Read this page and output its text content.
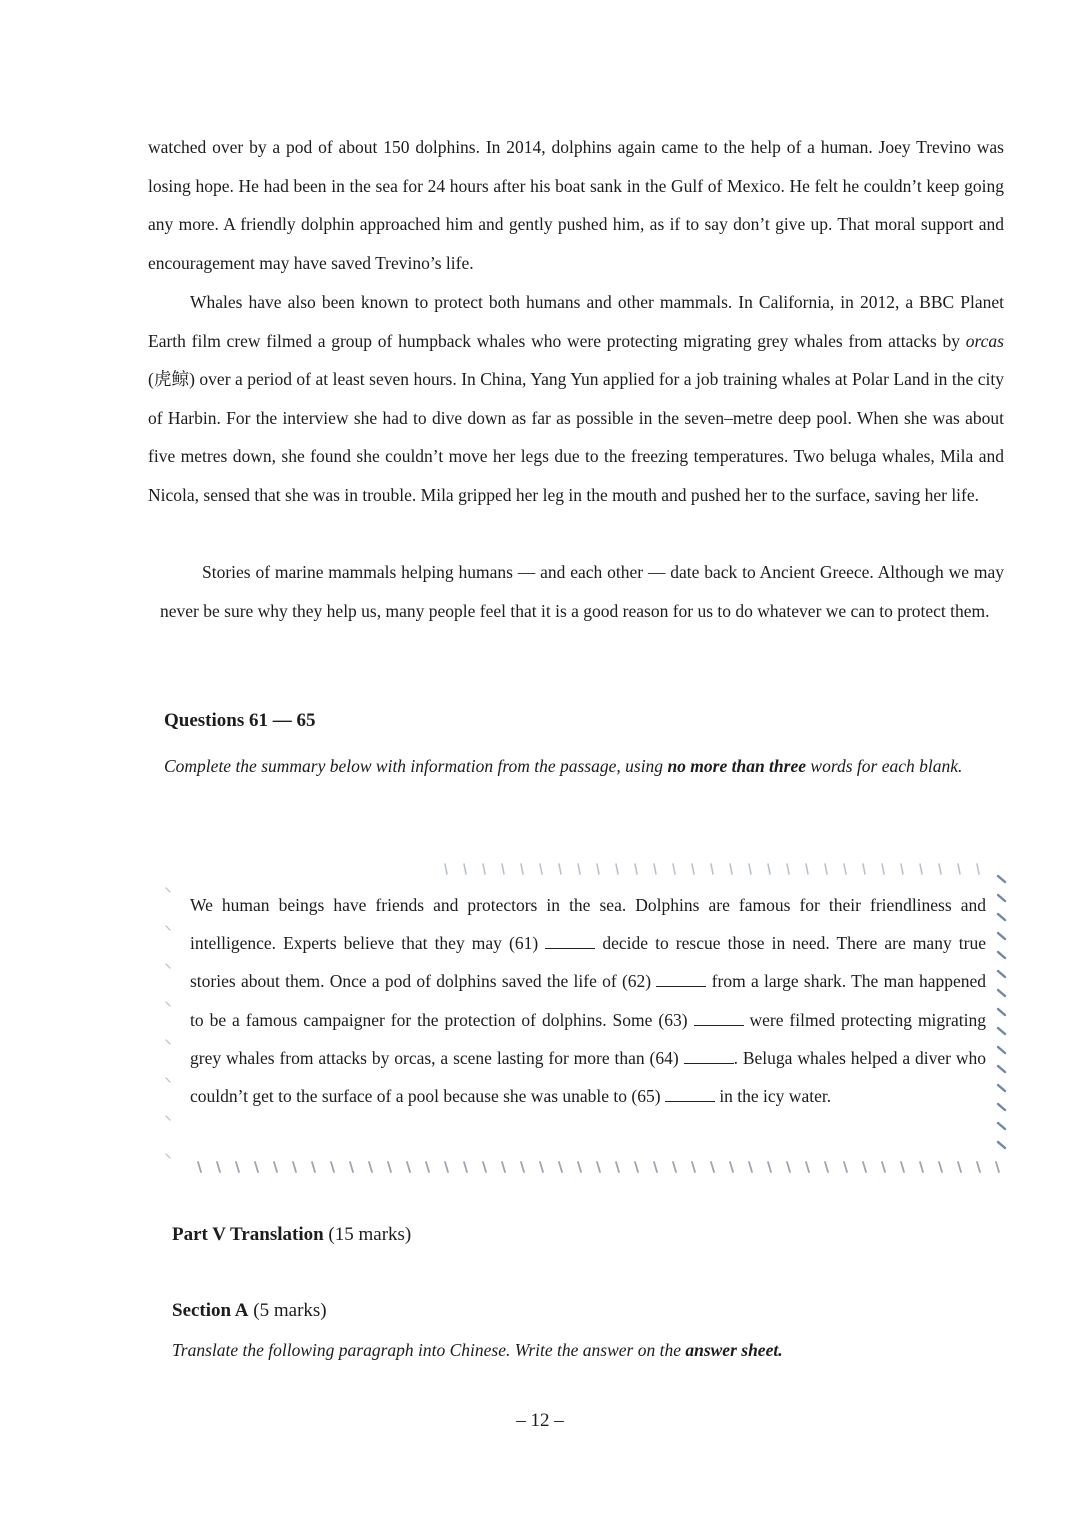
watched over by a pod of about 150 dolphins. In 2014, dolphins again came to the help of a human. Joey Trevino was losing hope. He had been in the sea for 24 hours after his boat sank in the Gulf of Mexico. He felt he couldn’t keep going any more. A friendly dolphin approached him and gently pushed him, as if to say don’t give up. That moral support and encouragement may have saved Trevino’s life.

Whales have also been known to protect both humans and other mammals. In California, in 2012, a BBC Planet Earth film crew filmed a group of humpback whales who were protecting migrating grey whales from attacks by orcas (虎鲸) over a period of at least seven hours. In China, Yang Yun applied for a job training whales at Polar Land in the city of Harbin. For the interview she had to dive down as far as possible in the seven–metre deep pool. When she was about five metres down, she found she couldn’t move her legs due to the freezing temperatures. Two beluga whales, Mila and Nicola, sensed that she was in trouble. Mila gripped her leg in the mouth and pushed her to the surface, saving her life.

Stories of marine mammals helping humans — and each other — date back to Ancient Greece. Although we may never be sure why they help us, many people feel that it is a good reason for us to do whatever we can to protect them.

Questions 61 — 65

Complete the summary below with information from the passage, using no more than three words for each blank.

We human beings have friends and protectors in the sea. Dolphins are famous for their friendliness and intelligence. Experts believe that they may (61)	decide to rescue those in need. There are many true stories about them. Once a pod of dolphins saved the life of (62)	from a large shark. The man happened to be a famous campaigner for the protection of dolphins. Some (63)	were filmed protecting migrating grey whales from attacks by orcas, a scene lasting for more than (64)	. Beluga whales helped a diver who couldn’t get to the surface of a pool because she was unable to (65)	in the icy water.

Part V Translation (15 marks)

Section A (5 marks)

Translate the following paragraph into Chinese. Write the answer on the answer sheet.

– 12 –
